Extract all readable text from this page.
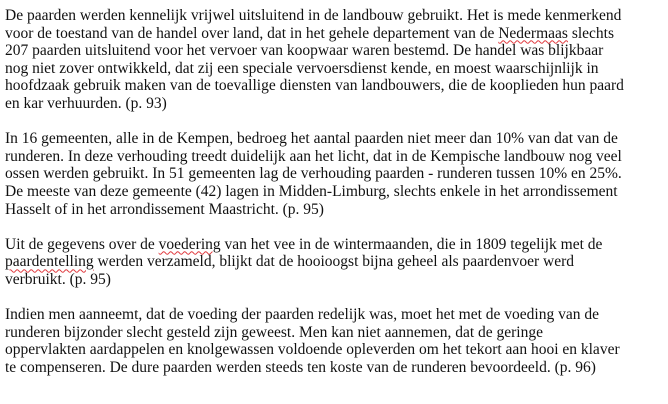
De paarden werden kennelijk vrijwel uitsluitend in de landbouw gebruikt. Het is mede kenmerkend
voor de toestand van de handel over land, dat in het gehele departement van de Nedermaas slechts
207 paarden uitsluitend voor het vervoer van koopwaar waren bestemd. De handel was blijkbaar
nog niet zover ontwikkeld, dat zij een speciale vervoersdienst kende, en moest waarschijnlijk in
hoofdzaak gebruik maken van de toevallige diensten van landbouwers, die de kooplieden hun paard
en kar verhuurden. (p. 93)

In 16 gemeenten, alle in de Kempen, bedroeg het aantal paarden niet meer dan 10% van dat van de
runderen. In deze verhouding treedt duidelijk aan het licht, dat in de Kempische landbouw nog veel
ossen werden gebruikt. In 51 gemeenten lag de verhouding paarden - runderen tussen 10% en 25%.
De meeste van deze gemeente (42) lagen in Midden-Limburg, slechts enkele in het arrondissement
Hasselt of in het arrondissement Maastricht. (p. 95)

Uit de gegevens over de voedering van het vee in de wintermaanden, die in 1809 tegelijk met de
paardentelling werden verzameld, blijkt dat de hooioogst bijna geheel als paardenvoer werd
verbruikt. (p. 95)

Indien men aanneemt, dat de voeding der paarden redelijk was, moet het met de voeding van de
runderen bijzonder slecht gesteld zijn geweest. Men kan niet aannemen, dat de geringe
oppervlakten aardappelen en knolgewassen voldoende opleverden om het tekort aan hooi en klaver
te compenseren. De dure paarden werden steeds ten koste van de runderen bevoordeeld. (p. 96)
